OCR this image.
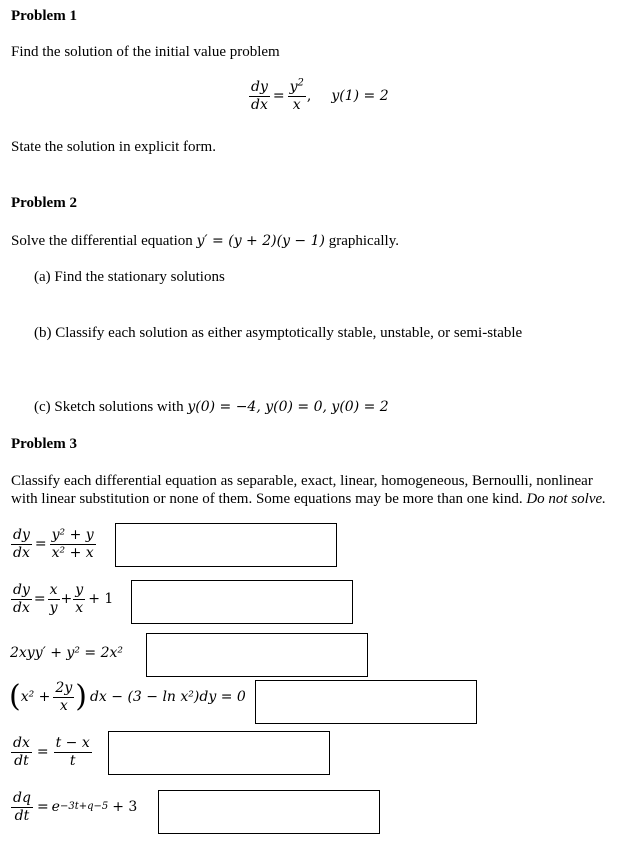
Problem 1
Find the solution of the initial value problem
$\frac{dy}{dx} = \frac{y^2}{x}$ , y(1) = 2
State the solution in explicit form.
Problem 2
Solve the differential equation y′ = (y + 2)(y − 1) graphically.
(a) Find the stationary solutions
(b) Classify each solution as either asymptotically stable, unstable, or semi-stable
(c) Sketch solutions with y(0) = −4, y(0) = 0, y(0) = 2
Problem 3
Classify each differential equation as separable, exact, linear, homogeneous, Bernoulli, nonlinear
with linear substitution or none of them. Some equations may be more than one kind. Do not solve.
$\frac{dy}{dx} = \frac{\text{y² + y}}{\text{x² + x}}$
$\frac{dy}{dx} = \frac{x}{y} + \frac{y}{x} + 1$
2xyy′ + y² = 2x²
( $x^2 + \frac{2y}{x}$ ) dx − (3 − ln x²)dy = 0
$\frac{dx}{dt} = \frac{t - x}{t}$
$\frac{dq}{dt} = e -3t+q-5 + 3$
